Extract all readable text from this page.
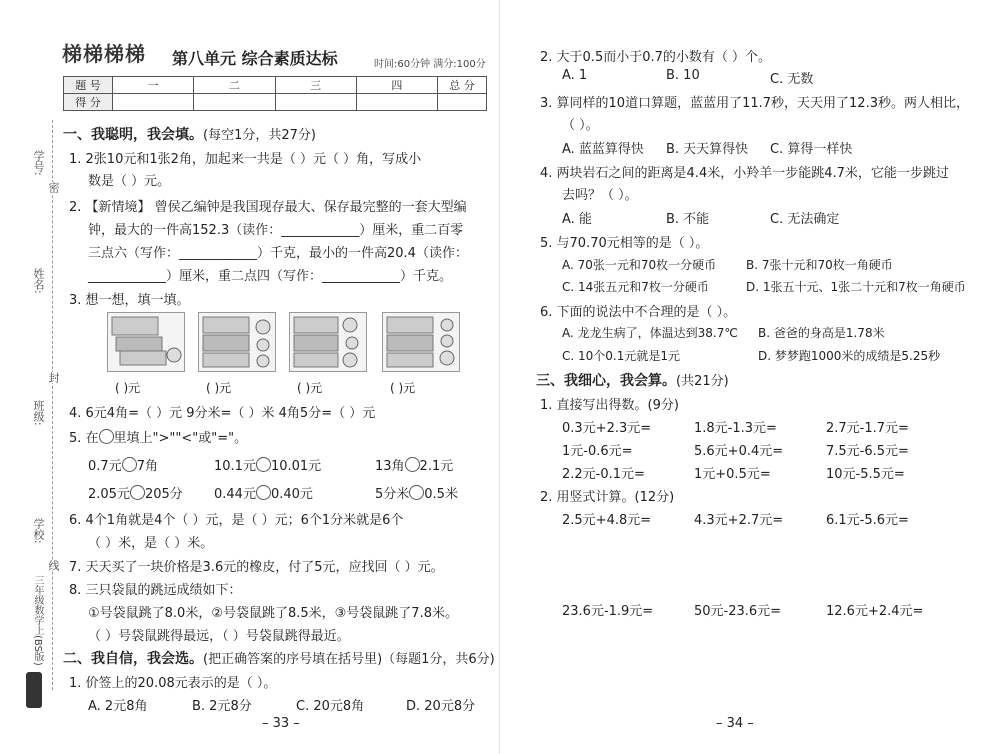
学号:
姓名:
班级:
学校:
密
封
线
三年级数学上(BS版)
梯梯梯梯 第八单元 综合素质达标	时间:60分钟 满分:100分
题 号	一	二	三	四	总 分
得 分					
一、我聪明，我会填。(每空1分，共27分)
1. 2张10元和1张2角，加起来一共是（ ）元（ ）角，写成小
数是（ ）元。
2. 【新情境】 曾侯乙编钟是我国现存最大、保存最完整的一套大型编
钟，最大的一件高152.3（读作：____________）厘米，重二百零
三点六（写作：____________）千克，最小的一件高20.4（读作：
____________）厘米，重二点四（写作：____________）千克。
3. 想一想，填一填。
( )元	( )元	( )元	( )元
4. 6元4角=（ ）元 9分米=（ ）米 4角5分=（ ）元
5. 在 里填上">""<"或"="。
0.7元 7角	10.1元 10.01元	13角 2.1元
2.05元 205分 0.44元 0.40元	5分米 0.5米
6. 4个1角就是4个（ ）元，是（ ）元；6个1分米就是6个
（ ）米，是（ ）米。
7. 天天买了一块价格是3.6元的橡皮，付了5元，应找回（ ）元。
8. 三只袋鼠的跳远成绩如下：
①号袋鼠跳了8.0米，②号袋鼠跳了8.5米，③号袋鼠跳了7.8米。
（ ）号袋鼠跳得最远，（ ）号袋鼠跳得最近。
二、我自信，我会选。(把正确答案的序号填在括号里)（每题1分，共6分)
1. 价签上的20.08元表示的是（ ）。
A. 2元8角	B. 2元8分	C. 20元8角	D. 20元8分
– 33 –
2. 大于0.5而小于0.7的小数有（ ）个。
A. 1	B. 10	C. 无数
3. 算同样的10道口算题，蓝蓝用了11.7秒，天天用了12.3秒。两人相比，
（ ）。
A. 蓝蓝算得快 B. 天天算得快 C. 算得一样快
4. 两块岩石之间的距离是4.4米，小羚羊一步能跳4.7米，它能一步跳过
去吗？（ ）。
A. 能	B. 不能	C. 无法确定
5. 与70.70元相等的是（ ）。
A. 70张一元和70枚一分硬币 B. 7张十元和70枚一角硬币
C. 14张五元和7枚一分硬币	D. 1张五十元、1张二十元和7枚一角硬币
6. 下面的说法中不合理的是（ ）。
A. 龙龙生病了，体温达到38.7℃ B. 爸爸的身高是1.78米
C. 10个0.1元就是1元	D. 梦梦跑1000米的成绩是5.25秒
三、我细心，我会算。(共21分)
1. 直接写出得数。(9分)
0.3元+2.3元=	1.8元-1.3元=	2.7元-1.7元=
1元-0.6元=	5.6元+0.4元=	7.5元-6.5元=
2.2元-0.1元=	1元+0.5元=	10元-5.5元=
2. 用竖式计算。(12分)
2.5元+4.8元=	4.3元+2.7元=	6.1元-5.6元=
23.6元-1.9元=	50元-23.6元=	12.6元+2.4元=
– 34 –
